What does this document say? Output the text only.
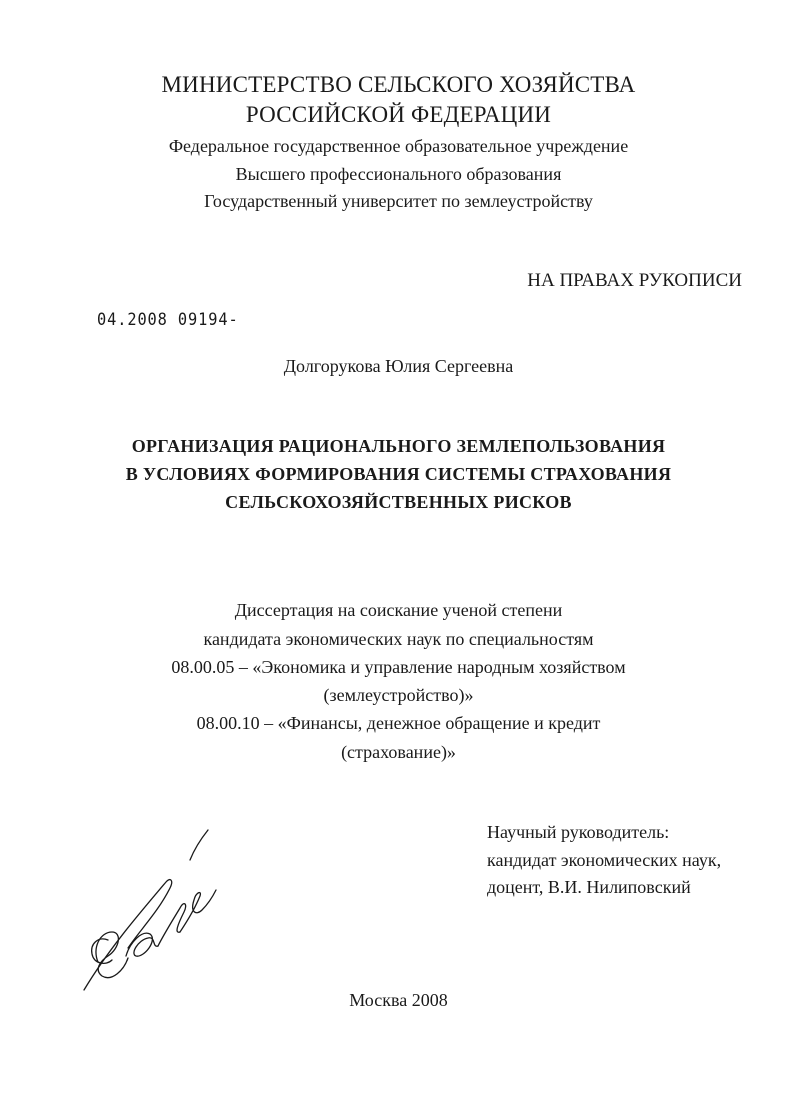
МИНИСТЕРСТВО СЕЛЬСКОГО ХОЗЯЙСТВА
РОССИЙСКОЙ ФЕДЕРАЦИИ
Федеральное государственное образовательное учреждение
Высшего профессионального образования
Государственный университет по землеустройству
НА ПРАВАХ РУКОПИСИ
04.2008 09194-
Долгорукова Юлия Сергеевна
ОРГАНИЗАЦИЯ РАЦИОНАЛЬНОГО ЗЕМЛЕПОЛЬЗОВАНИЯ
В УСЛОВИЯХ ФОРМИРОВАНИЯ СИСТЕМЫ СТРАХОВАНИЯ
СЕЛЬСКОХОЗЯЙСТВЕННЫХ РИСКОВ
Диссертация на соискание ученой степени
кандидата экономических наук по специальностям
08.00.05 – «Экономика и управление народным хозяйством
(землеустройство)»
08.00.10 – «Финансы, денежное обращение и кредит
(страхование)»
Научный руководитель:
кандидат экономических наук,
доцент, В.И. Нилиповский
Москва 2008
